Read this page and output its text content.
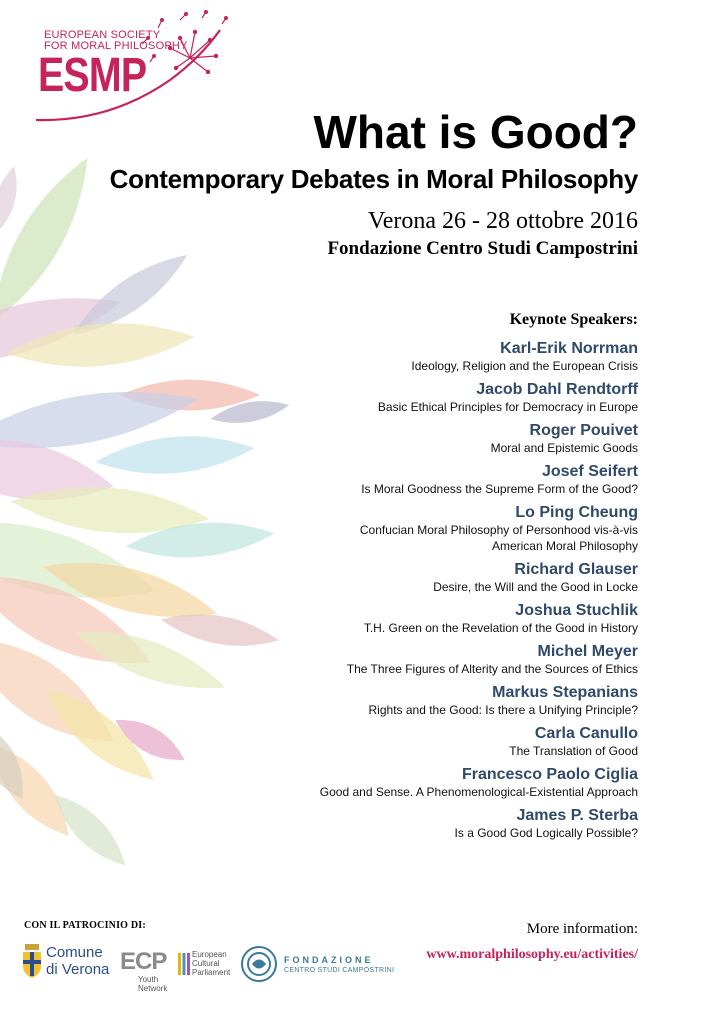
EUROPEAN SOCIETY
FOR MORAL PHILOSOPHY
ESMP
What is Good?
Contemporary Debates in Moral Philosophy
Verona 26 - 28 ottobre 2016
Fondazione Centro Studi Campostrini
Keynote Speakers:
Karl-Erik Norrman
Ideology, Religion and the European Crisis
Jacob Dahl Rendtorff
Basic Ethical Principles for Democracy in Europe
Roger Pouivet
Moral and Epistemic Goods
Josef Seifert
Is Moral Goodness the Supreme Form of the Good?
Lo Ping Cheung
Confucian Moral Philosophy of Personhood vis-à-vis
American Moral Philosophy
Richard Glauser
Desire, the Will and the Good in Locke
Joshua Stuchlik
T.H. Green on the Revelation of the Good in History
Michel Meyer
The Three Figures of Alterity and the Sources of Ethics
Markus Stepanians
Rights and the Good: Is there a Unifying Principle?
Carla Canullo
The Translation of Good
Francesco Paolo Ciglia
Good and Sense. A Phenomenological-Existential Approach
James P. Sterba
Is a Good God Logically Possible?
CON IL PATROCINIO DI:
Comune
di Verona ECP	European
Cultural
Parliament
Youth
Network
FONDAZIONE
CENTRO STUDI CAMPOSTRINI
More information:
www.moralphilosophy.eu/activities/
